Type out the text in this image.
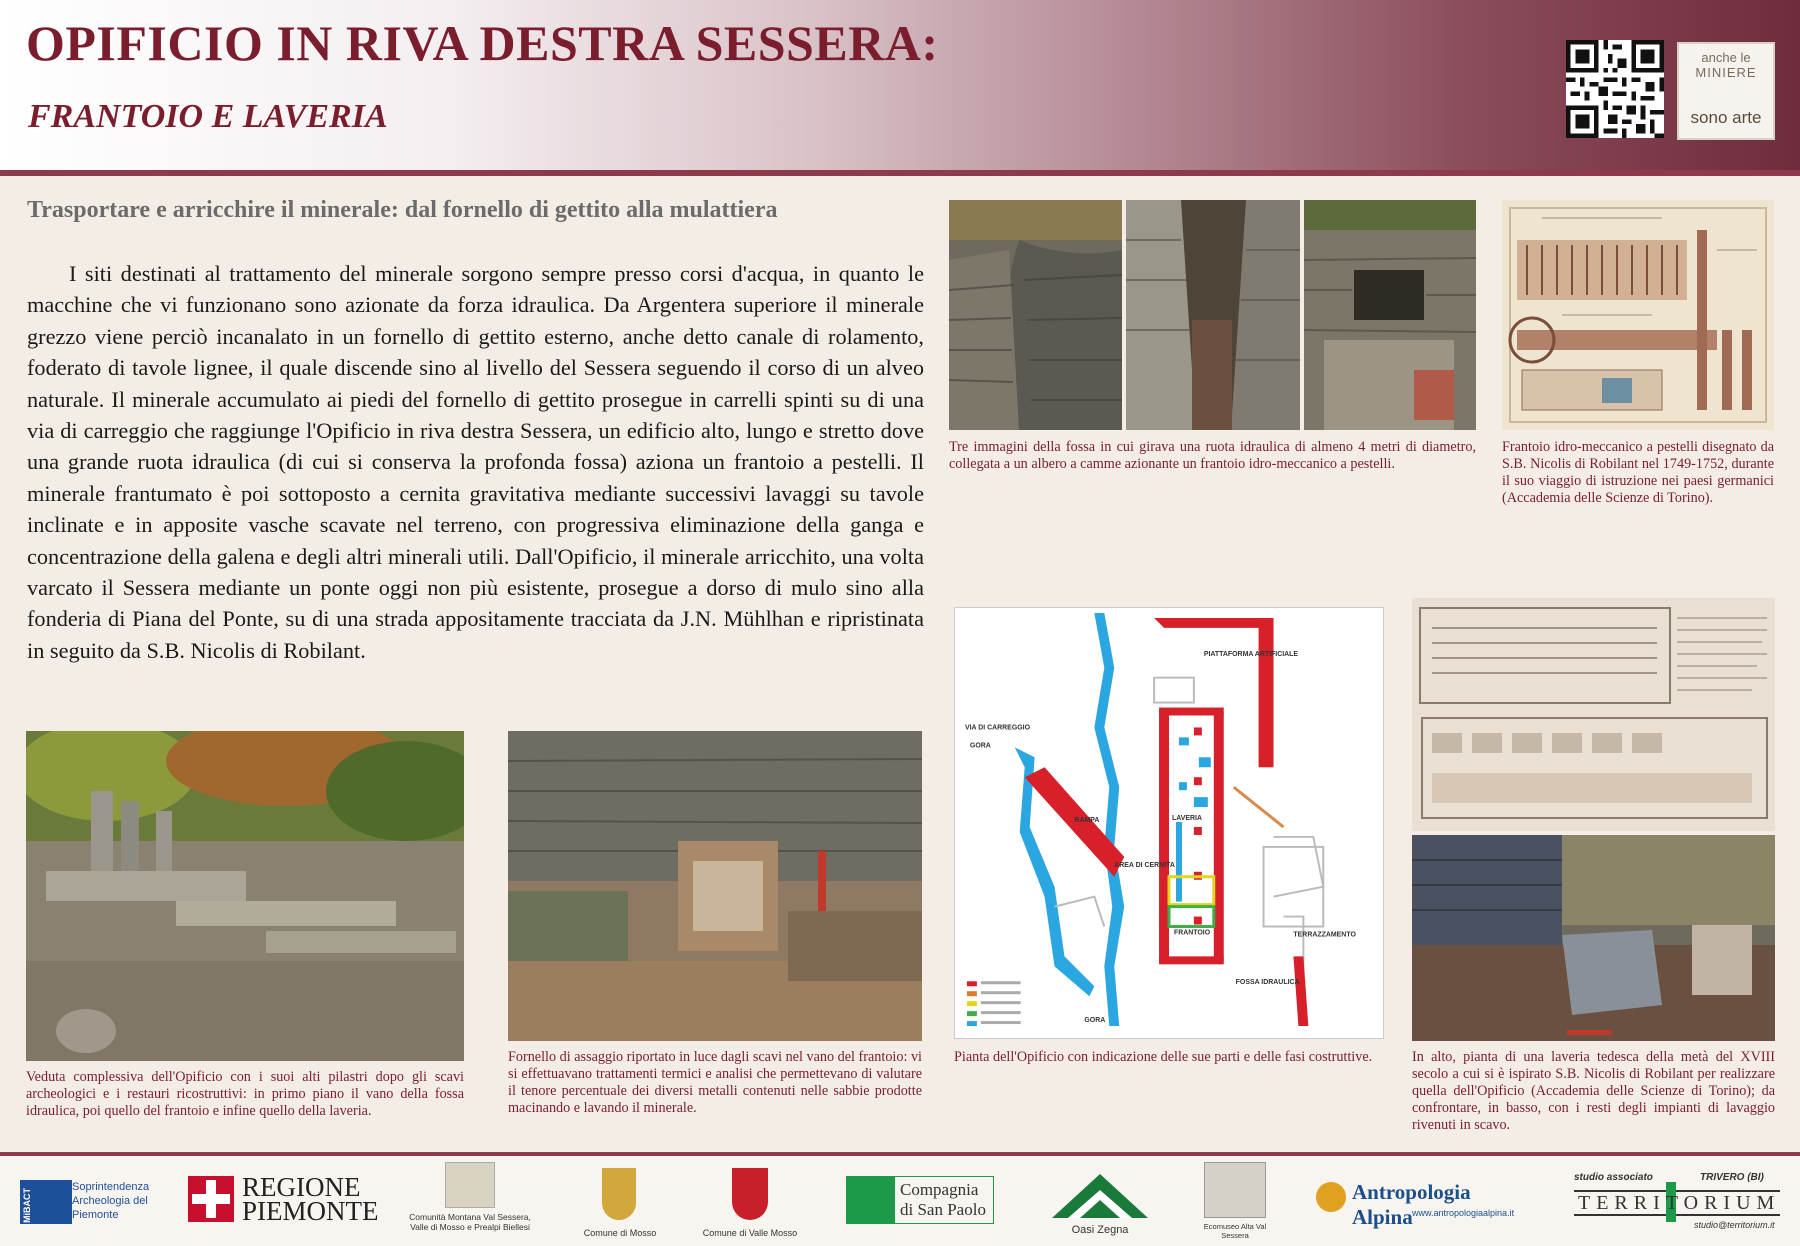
OPIFICIO IN RIVA DESTRA SESSERA:
FRANTOIO E LAVERIA
anche le
MINIERE
sono arte
Trasportare e arricchire il minerale: dal fornello di gettito alla mulattiera
I siti destinati al trattamento del minerale sorgono sempre presso corsi d'acqua, in quanto le macchine che vi funzionano sono azionate da forza idraulica. Da Argentera superiore il minerale grezzo viene perciò incanalato in un fornello di gettito esterno, anche detto canale di rolamento, foderato di tavole lignee, il quale discende sino al livello del Sessera seguendo il corso di un alveo naturale. Il minerale accumulato ai piedi del fornello di gettito prosegue in carrelli spinti su di una via di carreggio che raggiunge l'Opificio in riva destra Sessera, un edificio alto, lungo e stretto dove una grande ruota idraulica (di cui si conserva la profonda fossa) aziona un frantoio a pestelli. Il minerale frantumato è poi sottoposto a cernita gravitativa mediante successivi lavaggi su tavole inclinate e in apposite vasche scavate nel terreno, con progressiva eliminazione della ganga e concentrazione della galena e degli altri minerali utili. Dall'Opificio, il minerale arricchito, una volta varcato il Sessera mediante un ponte oggi non più esistente, prosegue a dorso di mulo sino alla fonderia di Piana del Ponte, su di una strada appositamente tracciata da J.N. Mühlhan e ripristinata in seguito da S.B. Nicolis di Robilant.
Tre immagini della fossa in cui girava una ruota idraulica di almeno 4 metri di diametro, collegata a un albero a camme azionante un frantoio idro-meccanico a pestelli.
Frantoio idro-meccanico a pestelli disegnato da S.B. Nicolis di Robilant nel 1749-1752, durante il suo viaggio di istruzione nei paesi germanici (Accademia delle Scienze di Torino).
Veduta complessiva dell'Opificio con i suoi alti pilastri dopo gli scavi archeologici e i restauri ricostruttivi: in primo piano il vano della fossa idraulica, poi quello del frantoio e infine quello della laveria.
Fornello di assaggio riportato in luce dagli scavi nel vano del frantoio: vi si effettuavano trattamenti termici e analisi che permettevano di valutare il tenore percentuale dei diversi metalli contenuti nelle sabbie prodotte macinando e lavando il minerale.
PIATTAFORMA ARTIFICIALE
VIA DI CARREGGIO
GORA
RAMPA
AREA DI CERNITA
LAVERIA
FRANTOIO	TERRAZZAMENTO
FOSSA IDRAULICA
GORA
Pianta dell'Opificio con indicazione delle sue parti e delle fasi costruttive.	In alto, pianta di una laveria tedesca della metà del XVIII secolo a cui si è ispirato S.B. Nicolis di Robilant per realizzare quella dell'Opificio (Accademia delle Scienze di Torino); da confrontare, in basso, con i resti degli impianti di lavaggio rivenuti in scavo.
MiBACT
Soprintendenza Archeologia del Piemonte
REGIONE
PIEMONTE	Comunità Montana Val Sessera, Valle di Mosso e Prealpi Biellesi
Comune di Mosso	Comune di Valle Mosso
Compagnia
di San Paolo
Oasi Zegna	Ecomuseo Alta Val Sessera
Antropologia Alpina www.antropologiaalpina.it
studio associato	TRIVERO (BI)
TERRITORIUM
studio@territorium.it
